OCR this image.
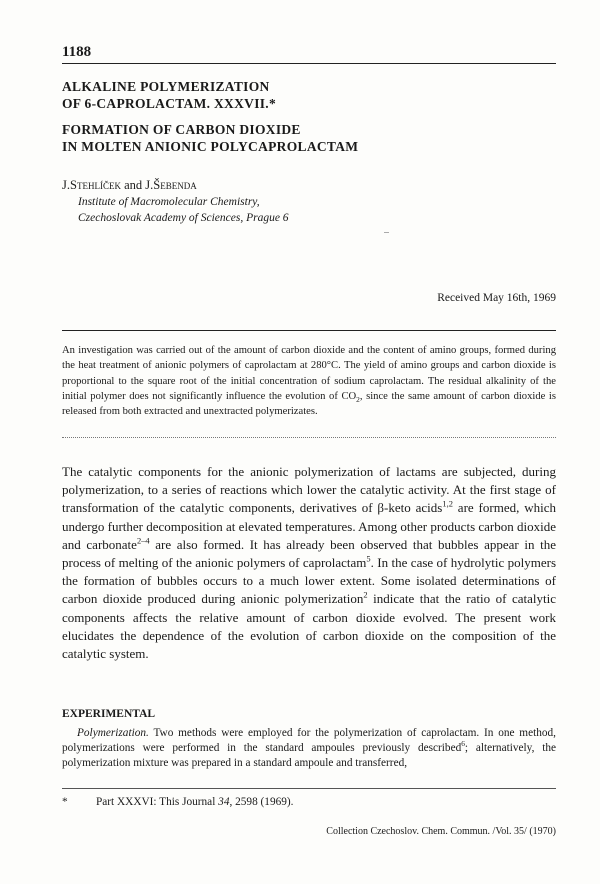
1188
ALKALINE POLYMERIZATION
OF 6-CAPROLACTAM. XXXVII.*
FORMATION OF CARBON DIOXIDE
IN MOLTEN ANIONIC POLYCAPROLACTAM
J.Stehlíček and J.Šebenda
Institute of Macromolecular Chemistry,
Czechoslovak Academy of Sciences, Prague 6
Received May 16th, 1969
An investigation was carried out of the amount of carbon dioxide and the content of amino groups, formed during the heat treatment of anionic polymers of caprolactam at 280°C. The yield of amino groups and carbon dioxide is proportional to the square root of the initial concentration of sodium caprolactam. The residual alkalinity of the initial polymer does not significantly influence the evolution of $CO_2$, since the same amount of carbon dioxide is released from both extracted and unextracted polymerizates.

The catalytic components for the anionic polymerization of lactams are subjected, during polymerization, to a series of reactions which lower the catalytic activity. At the first stage of transformation of the catalytic components, derivatives of β-keto acids$^{1,2}$ are formed, which undergo further decomposition at elevated temperatures. Among other products carbon dioxide and carbonate$^{2-4}$ are also formed. It has already been observed that bubbles appear in the process of melting of the anionic polymers of caprolactam$^5$. In the case of hydrolytic polymers the formation of bubbles occurs to a much lower extent. Some isolated determinations of carbon dioxide produced during anionic polymerization$^2$ indicate that the ratio of catalytic components affects the relative amount of carbon dioxide evolved. The present work elucidates the dependence of the evolution of carbon dioxide on the composition of the catalytic system.

EXPERIMENTAL
Polymerization. Two methods were employed for the polymerization of caprolactam. In one method, polymerizations were performed in the standard ampoules previously described$^6$; alternatively, the polymerization mixture was prepared in a standard ampoule and transferred,
*	Part XXXVI: This Journal 34, 2598 (1969).
Collection Czechoslov. Chem. Commun. /Vol. 35/ (1970)
